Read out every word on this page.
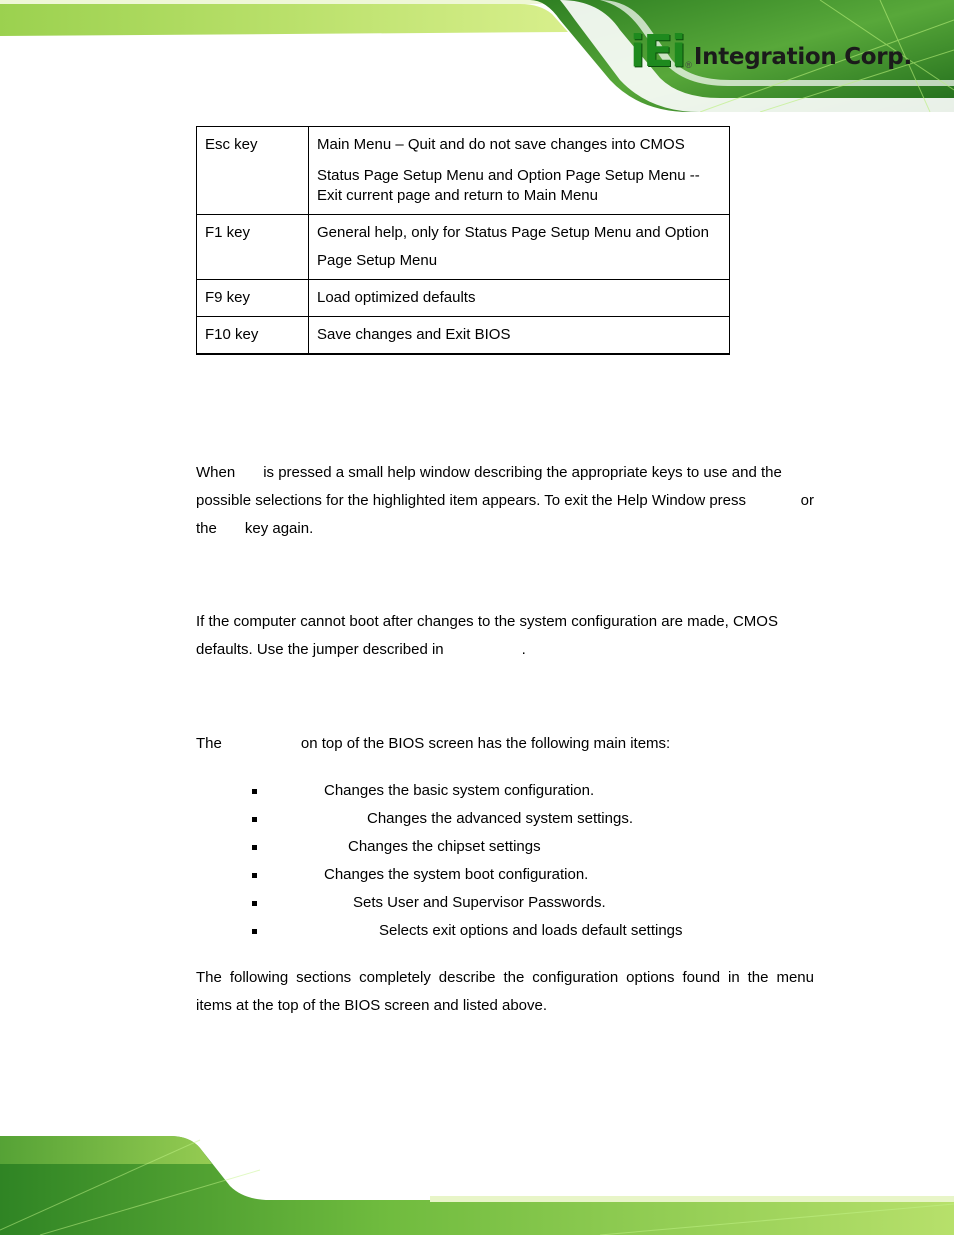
iEi ® Integration Corp.
Esc key	Main Menu – Quit and do not save changes into CMOS
Status Page Setup Menu and Option Page Setup Menu --
Exit current page and return to Main Menu

F1 key	General help, only for Status Page Setup Menu and Option
Page Setup Menu

F9 key	Load optimized defaults

F10 key	Save changes and Exit BIOS
When is pressed a small help window describing the appropriate keys to use and the
possible selections for the highlighted item appears. To exit the Help Window press	or
the key again.
If the computer cannot boot after changes to the system configuration are made, CMOS
defaults. Use the jumper described in	.
The	on top of the BIOS screen has the following main items:
Changes the basic system configuration.
Changes the advanced system settings.
Changes the chipset settings
Changes the system boot configuration.
Sets User and Supervisor Passwords.
Selects exit options and loads default settings
The following sections completely describe the configuration options found in the menu
items at the top of the BIOS screen and listed above.
